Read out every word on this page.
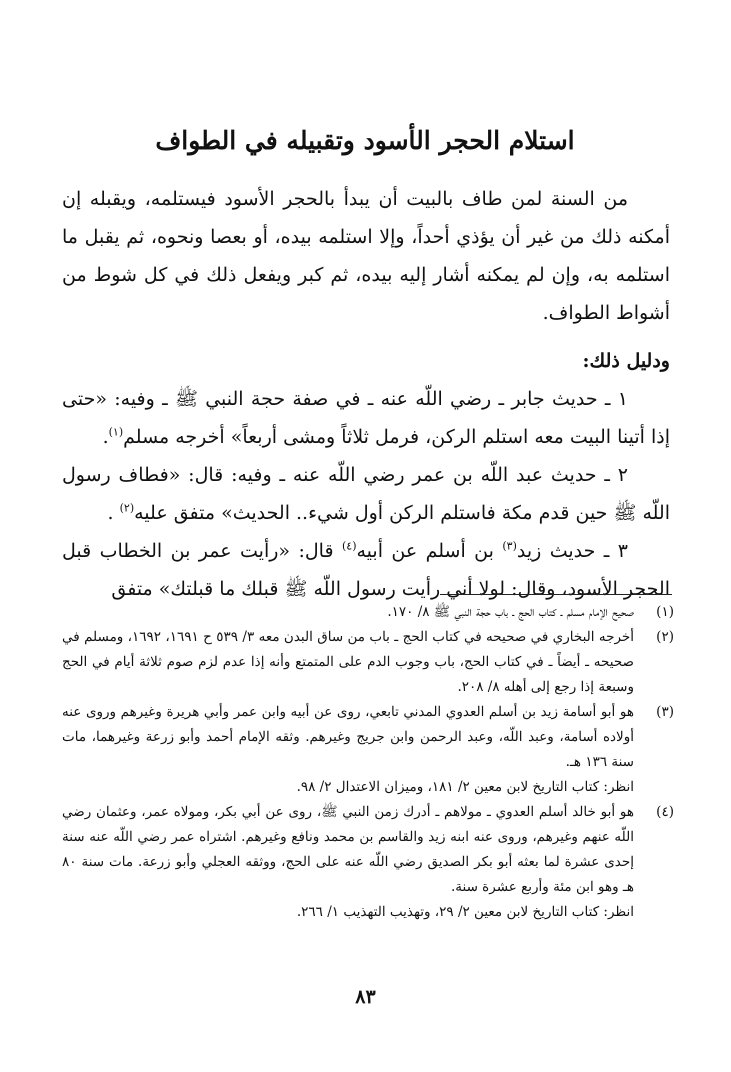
استلام الحجر الأسود وتقبيله في الطواف

من السنة لمن طاف بالبيت أن يبدأ بالحجر الأسود فيستلمه، ويقبله إن أمكنه ذلك من غير أن يؤذي أحداً، وإلا استلمه بيده، أو بعصا ونحوه، ثم يقبل ما استلمه به، وإن لم يمكنه أشار إليه بيده، ثم كبر ويفعل ذلك في كل شوط من أشواط الطواف.

ودليل ذلك:

١ ـ حديث جابر ـ رضي اللّه عنه ـ في صفة حجة النبي ﷺ ـ وفيه: «حتى إذا أتينا البيت معه استلم الركن، فرمل ثلاثاً ومشى أربعاً» أخرجه مسلم$^{(١)}$.

٢ ـ حديث عبد اللّه بن عمر رضي اللّه عنه ـ وفيه: قال: «فطاف رسول اللّه ﷺ حين قدم مكة فاستلم الركن أول شيء.. الحديث» متفق عليه$^{(٢)}$ .

٣ ـ حديث زيد$^{(٣)}$ بن أسلم عن أبيه$^{(٤)}$ قال: «رأيت عمر بن الخطاب قبل الحجر الأسود، وقال: لولا أني رأيت رسول اللّه ﷺ قبلك ما قبلتك» متفق

(١)

صحيح الإمام مسلم ـ كتاب الحج ـ باب حجة النبي ﷺ ٨/ ١٧٠.

(٢)

أخرجه البخاري في صحيحه في كتاب الحج ـ باب من ساق البدن معه ٣/ ٥٣٩ ح ١٦٩١، ١٦٩٢، ومسلم في صحيحه ـ أيضاً ـ في كتاب الحج، باب وجوب الدم على المتمتع وأنه إذا عدم لزم صوم ثلاثة أيام في الحج وسبعة إذا رجع إلى أهله ٨/ ٢٠٨.

(٣)

هو أبو أسامة زيد بن أسلم العدوي المدني تابعي، روى عن أبيه وابن عمر وأبي هريرة وغيرهم وروى عنه أولاده أسامة، وعبد اللّه، وعبد الرحمن وابن جريج وغيرهم. وثقه الإمام أحمد وأبو زرعة وغيرهما، مات سنة ١٣٦ هـ.

انظر: كتاب التاريخ لابن معين ٢/ ١٨١، وميزان الاعتدال ٢/ ٩٨.

(٤)

هو أبو خالد أسلم العدوي ـ مولاهم ـ أدرك زمن النبي ﷺ، روى عن أبي بكر، ومولاه عمر، وعثمان رضي اللّه عنهم وغيرهم، وروى عنه ابنه زيد والقاسم بن محمد ونافع وغيرهم. اشتراه عمر رضي اللّه عنه سنة إحدى عشرة لما بعثه أبو بكر الصديق رضي اللّه عنه على الحج، ووثقه العجلي وأبو زرعة. مات سنة ٨٠ هـ وهو ابن مئة وأربع عشرة سنة.

انظر: كتاب التاريخ لابن معين ٢/ ٢٩، وتهذيب التهذيب ١/ ٢٦٦.

٨٣
